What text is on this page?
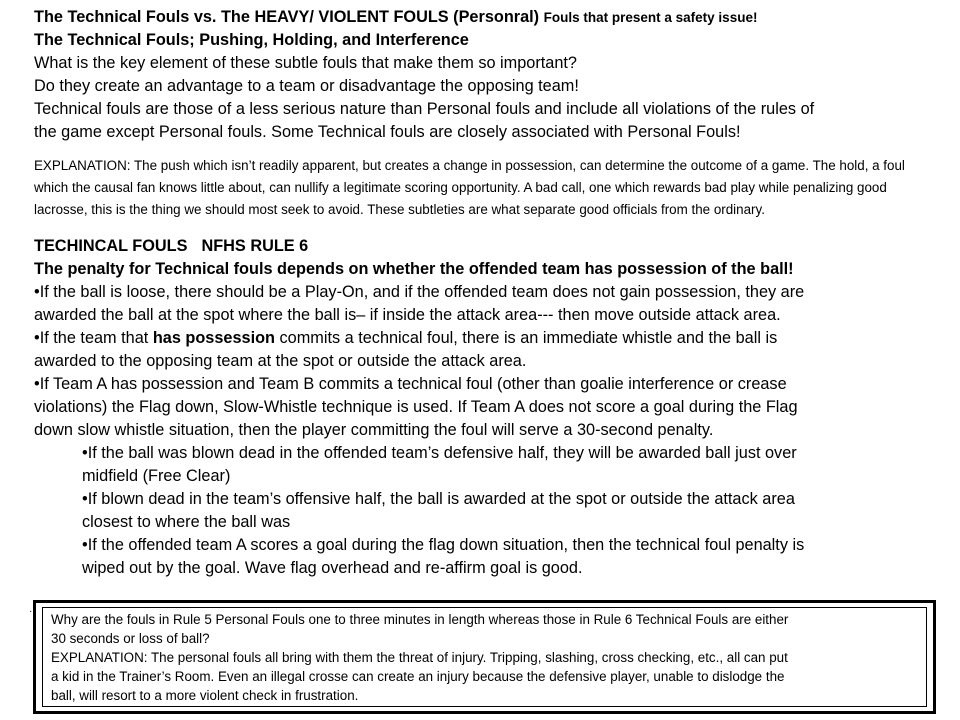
The Technical Fouls vs. The HEAVY/ VIOLENT FOULS (Personral) Fouls that present a safety issue!
The Technical Fouls; Pushing, Holding, and Interference
What is the key element of these subtle fouls that make them so important?
Do they create an advantage to a team or disadvantage the opposing team!
Technical fouls are those of a less serious nature than Personal fouls and include all violations of the rules of
the game except Personal fouls. Some Technical fouls are closely associated with Personal Fouls!
EXPLANATION: The push which isn’t readily apparent, but creates a change in possession, can determine the outcome of a game. The hold, a foul which the causal fan knows little about, can nullify a legitimate scoring opportunity. A bad call, one which rewards bad play while penalizing good lacrosse, this is the thing we should most seek to avoid. These subtleties are what separate good officials from the ordinary.
TECHINCAL FOULS NFHS RULE 6
The penalty for Technical fouls depends on whether the offended team has possession of the ball!
•If the ball is loose, there should be a Play-On, and if the offended team does not gain possession, they are
awarded the ball at the spot where the ball is– if inside the attack area--- then move outside attack area.
•If the team that has possession commits a technical foul, there is an immediate whistle and the ball is
awarded to the opposing team at the spot or outside the attack area.
•If Team A has possession and Team B commits a technical foul (other than goalie interference or crease
violations) the Flag down, Slow-Whistle technique is used. If Team A does not score a goal during the Flag
down slow whistle situation, then the player committing the foul will serve a 30-second penalty.
•If the ball was blown dead in the offended team’s defensive half, they will be awarded ball just over
midfield (Free Clear)
•If blown dead in the team’s offensive half, the ball is awarded at the spot or outside the attack area
closest to where the ball was
•If the offended team A scores a goal during the flag down situation, then the technical foul penalty is
wiped out by the goal. Wave flag overhead and re-affirm goal is good.
·
Why are the fouls in Rule 5 Personal Fouls one to three minutes in length whereas those in Rule 6 Technical Fouls are either
30 seconds or loss of ball?
EXPLANATION: The personal fouls all bring with them the threat of injury. Tripping, slashing, cross checking, etc., all can put
a kid in the Trainer’s Room. Even an illegal crosse can create an injury because the defensive player, unable to dislodge the
ball, will resort to a more violent check in frustration.
